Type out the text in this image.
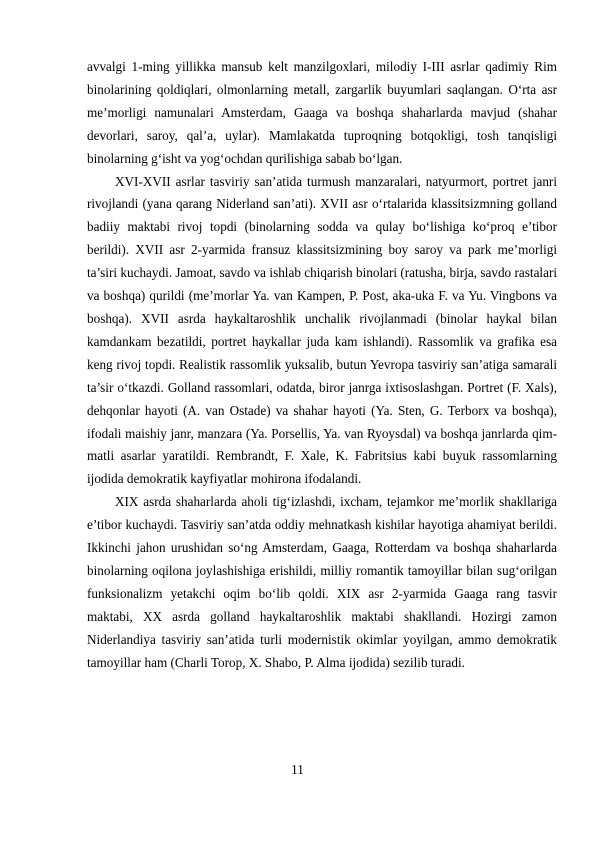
avvalgi 1-ming yillikka mansub kelt manzilgoxlari, milodiy I-III asrlar qadimiy Rim binolarining qoldiqlari, olmonlarning metall, zargarlik buyumlari saqlangan. O‘rta asr me’morligi namunalari Amsterdam, Gaaga va boshqa shaharlarda mavjud (shahar devorlari, saroy, qal’a, uylar). Mamlakatda tuproqning botqokligi, tosh tanqisligi binolarning g‘isht va yog‘ochdan qurilishiga sabab bo‘lgan.

XVI-XVII asrlar tasviriy san’atida turmush manzaralari, natyurmort, portret janri rivojlandi (yana qarang Niderland san’ati). XVII asr o‘rtalarida klassitsizmning golland badiiy maktabi rivoj topdi (binolarning sodda va qulay bo‘lishiga ko‘proq e’tibor berildi). XVII asr 2-yarmida fransuz klassitsizmining boy saroy va park me’morligi ta’siri kuchaydi. Jamoat, savdo va ishlab chiqarish binolari (ratusha, birja, savdo rastalari va boshqa) qurildi (me’morlar Ya. van Kampen, P. Post, aka-uka F. va Yu. Vingbons va boshqa). XVII asrda haykaltaroshlik unchalik rivojlanmadi (binolar haykal bilan kamdankam bezatildi, portret haykallar juda kam ishlandi). Rassomlik va grafika esa keng rivoj topdi. Realistik rassomlik yuksalib, butun Yevropa tasviriy san’atiga samarali ta’sir o‘tkazdi. Golland rassomlari, odatda, biror janrga ixtisoslashgan. Portret (F. Xals), dehqonlar hayoti (A. van Ostade) va shahar hayoti (Ya. Sten, G. Terborx va boshqa), ifodali maishiy janr, manzara (Ya. Porsellis, Ya. van Ryoysdal) va boshqa janrlarda qim-matli asarlar yaratildi. Rembrandt, F. Xale, K. Fabritsius kabi buyuk rassomlarning ijodida demokratik kayfiyatlar mohirona ifodalandi.

XIX asrda shaharlarda aholi tig‘izlashdi, ixcham, tejamkor me’morlik shakllariga e’tibor kuchaydi. Tasviriy san’atda oddiy mehnatkash kishilar hayotiga ahamiyat berildi. Ikkinchi jahon urushidan so‘ng Amsterdam, Gaaga, Rotterdam va boshqa shaharlarda binolarning oqilona joylashishiga erishildi, milliy romantik tamoyillar bilan sug‘orilgan funksionalizm yetakchi oqim bo‘lib qoldi. XIX asr 2-yarmida Gaaga rang tasvir maktabi, XX asrda golland haykaltaroshlik maktabi shakllandi. Hozirgi zamon Niderlandiya tasviriy san’atida turli modernistik okimlar yoyilgan, ammo demokratik tamoyillar ham (Charli Torop, X. Shabo, P. Alma ijodida) sezilib turadi.

11
